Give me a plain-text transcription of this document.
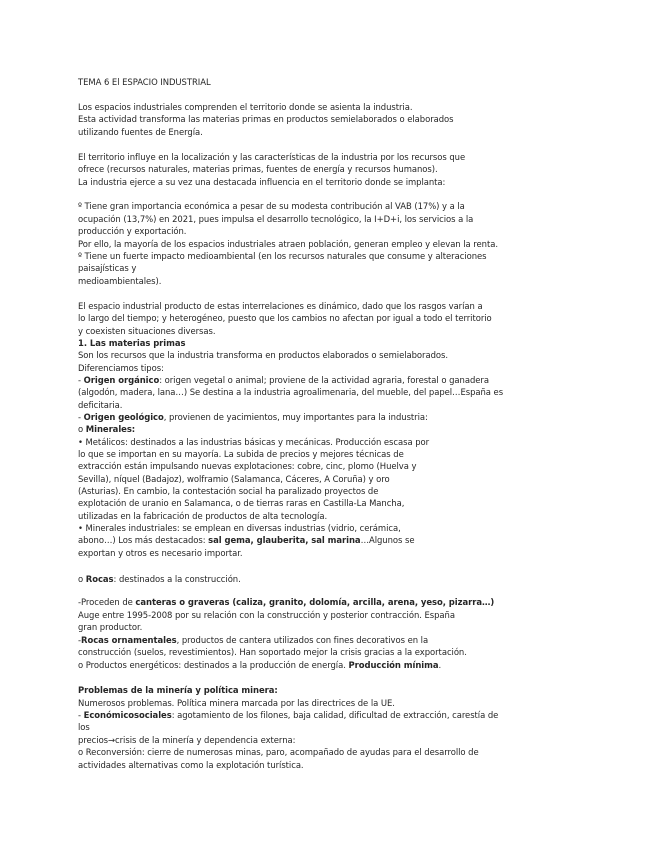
TEMA 6 El ESPACIO INDUSTRIAL
Los espacios industriales comprenden el territorio donde se asienta la industria.
Esta actividad transforma las materias primas en productos semielaborados o elaborados
utilizando fuentes de Energía.
El territorio influye en la localización y las características de la industria por los recursos que
ofrece (recursos naturales, materias primas, fuentes de energía y recursos humanos).
La industria ejerce a su vez una destacada influencia en el territorio donde se implanta:
º Tiene gran importancia económica a pesar de su modesta contribución al VAB (17%) y a la
ocupación (13,7%) en 2021, pues impulsa el desarrollo tecnológico, la I+D+i, los servicios a la
producción y exportación.
Por ello, la mayoría de los espacios industriales atraen población, generan empleo y elevan la renta.
º Tiene un fuerte impacto medioambiental (en los recursos naturales que consume y alteraciones
paisajísticas y
medioambientales).
El espacio industrial producto de estas interrelaciones es dinámico, dado que los rasgos varían a
lo largo del tiempo; y heterogéneo, puesto que los cambios no afectan por igual a todo el territorio
y coexisten situaciones diversas.
1. Las materias primas
Son los recursos que la industria transforma en productos elaborados o semielaborados.
Diferenciamos tipos:
- Origen orgánico: origen vegetal o animal; proviene de la actividad agraria, forestal o ganadera
(algodón, madera, lana…) Se destina a la industria agroalimenaria, del mueble, del papel…España es
deficitaria.
- Origen geológico, provienen de yacimientos, muy importantes para la industria:
o Minerales:
• Metálicos: destinados a las industrias básicas y mecánicas. Producción escasa por
lo que se importan en su mayoría. La subida de precios y mejores técnicas de
extracción están impulsando nuevas explotaciones: cobre, cinc, plomo (Huelva y
Sevilla), níquel (Badajoz), wolframio (Salamanca, Cáceres, A Coruña) y oro
(Asturias). En cambio, la contestación social ha paralizado proyectos de
explotación de uranio en Salamanca, o de tierras raras en Castilla-La Mancha,
utilizadas en la fabricación de productos de alta tecnología.
• Minerales industriales: se emplean en diversas industrias (vidrio, cerámica,
abono…) Los más destacados: sal gema, glauberita, sal marina…Algunos se
exportan y otros es necesario importar.
o Rocas: destinados a la construcción.
-Proceden de canteras o graveras (caliza, granito, dolomía, arcilla, arena, yeso, pizarra…)
Auge entre 1995-2008 por su relación con la construcción y posterior contracción. España
gran productor.
-Rocas ornamentales, productos de cantera utilizados con fines decorativos en la
construcción (suelos, revestimientos). Han soportado mejor la crisis gracias a la exportación.
o Productos energéticos: destinados a la producción de energía. Producción mínima.
Problemas de la minería y política minera:
Numerosos problemas. Política minera marcada por las directrices de la UE.
- Económicosociales: agotamiento de los filones, baja calidad, dificultad de extracción, carestía de
los
precios→crisis de la minería y dependencia externa:
o Reconversión: cierre de numerosas minas, paro, acompañado de ayudas para el desarrollo de
actividades alternativas como la explotación turística.
